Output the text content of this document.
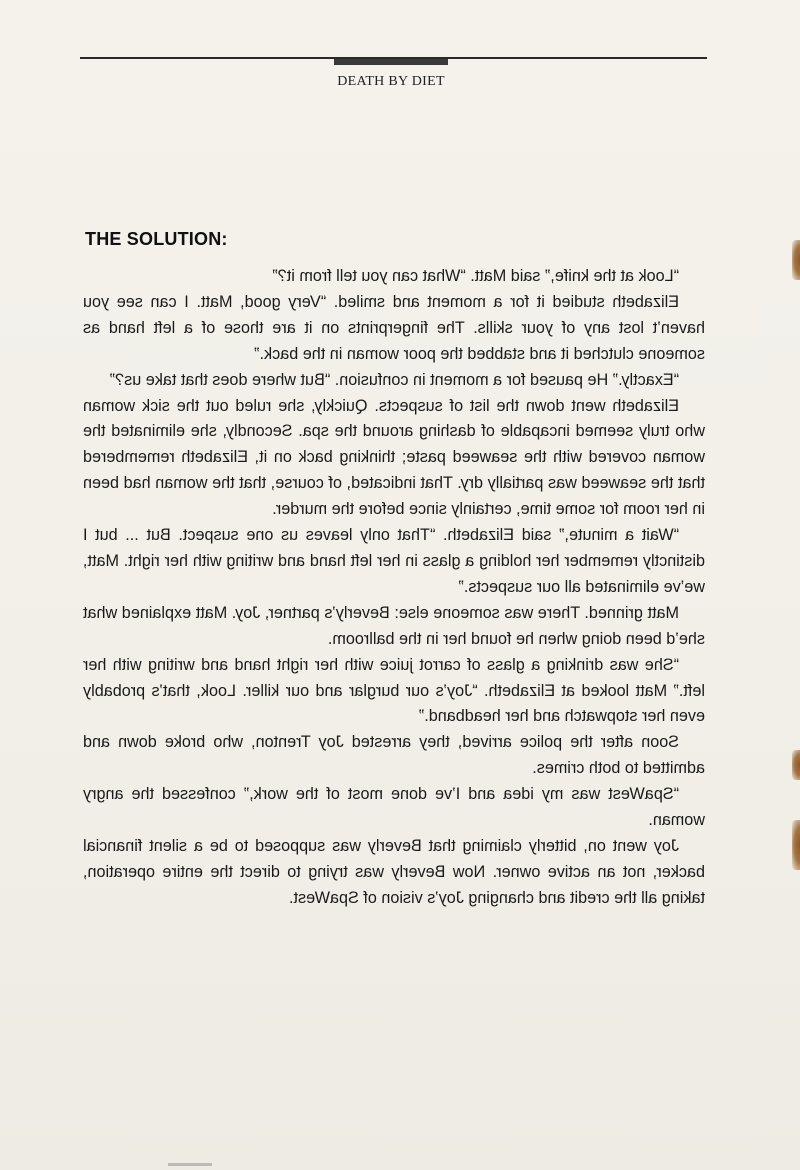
DEATH BY DIET
THE SOLUTION:

“Look at the knife,” said Matt. “What can you tell from it?”

Elizabeth studied it for a moment and smiled. “Very good, Matt. I can see you haven’t lost any of your skills. The fingerprints on it are those of a left hand as someone clutched it and stabbed the poor woman in the back.”

“Exactly.” He paused for a moment in confusion. “But where does that take us?”

Elizabeth went down the list of suspects. Quickly, she ruled out the sick woman who truly seemed incapable of dashing around the spa. Secondly, she eliminated the woman covered with the seaweed paste; thinking back on it, Elizabeth remembered that the seaweed was partially dry. That indicated, of course, that the woman had been in her room for some time, certainly since before the murder.

“Wait a minute,” said Elizabeth. “That only leaves us one suspect. But ... but I distinctly remember her holding a glass in her left hand and writing with her right. Matt, we’ve eliminated all our suspects.”

Matt grinned. There was someone else: Beverly’s partner, Joy. Matt explained what she’d been doing when he found her in the ballroom.

“She was drinking a glass of carrot juice with her right hand and writing with her left.” Matt looked at Elizabeth. “Joy’s our burglar and our killer. Look, that’s probably even her stopwatch and her headband.”

Soon after the police arrived, they arrested Joy Trenton, who broke down and admitted to both crimes.

“SpaWest was my idea and I’ve done most of the work,” confessed the angry woman.

Joy went on, bitterly claiming that Beverly was supposed to be a silent financial backer, not an active owner. Now Beverly was trying to direct the entire operation, taking all the credit and changing Joy’s vision of SpaWest.
